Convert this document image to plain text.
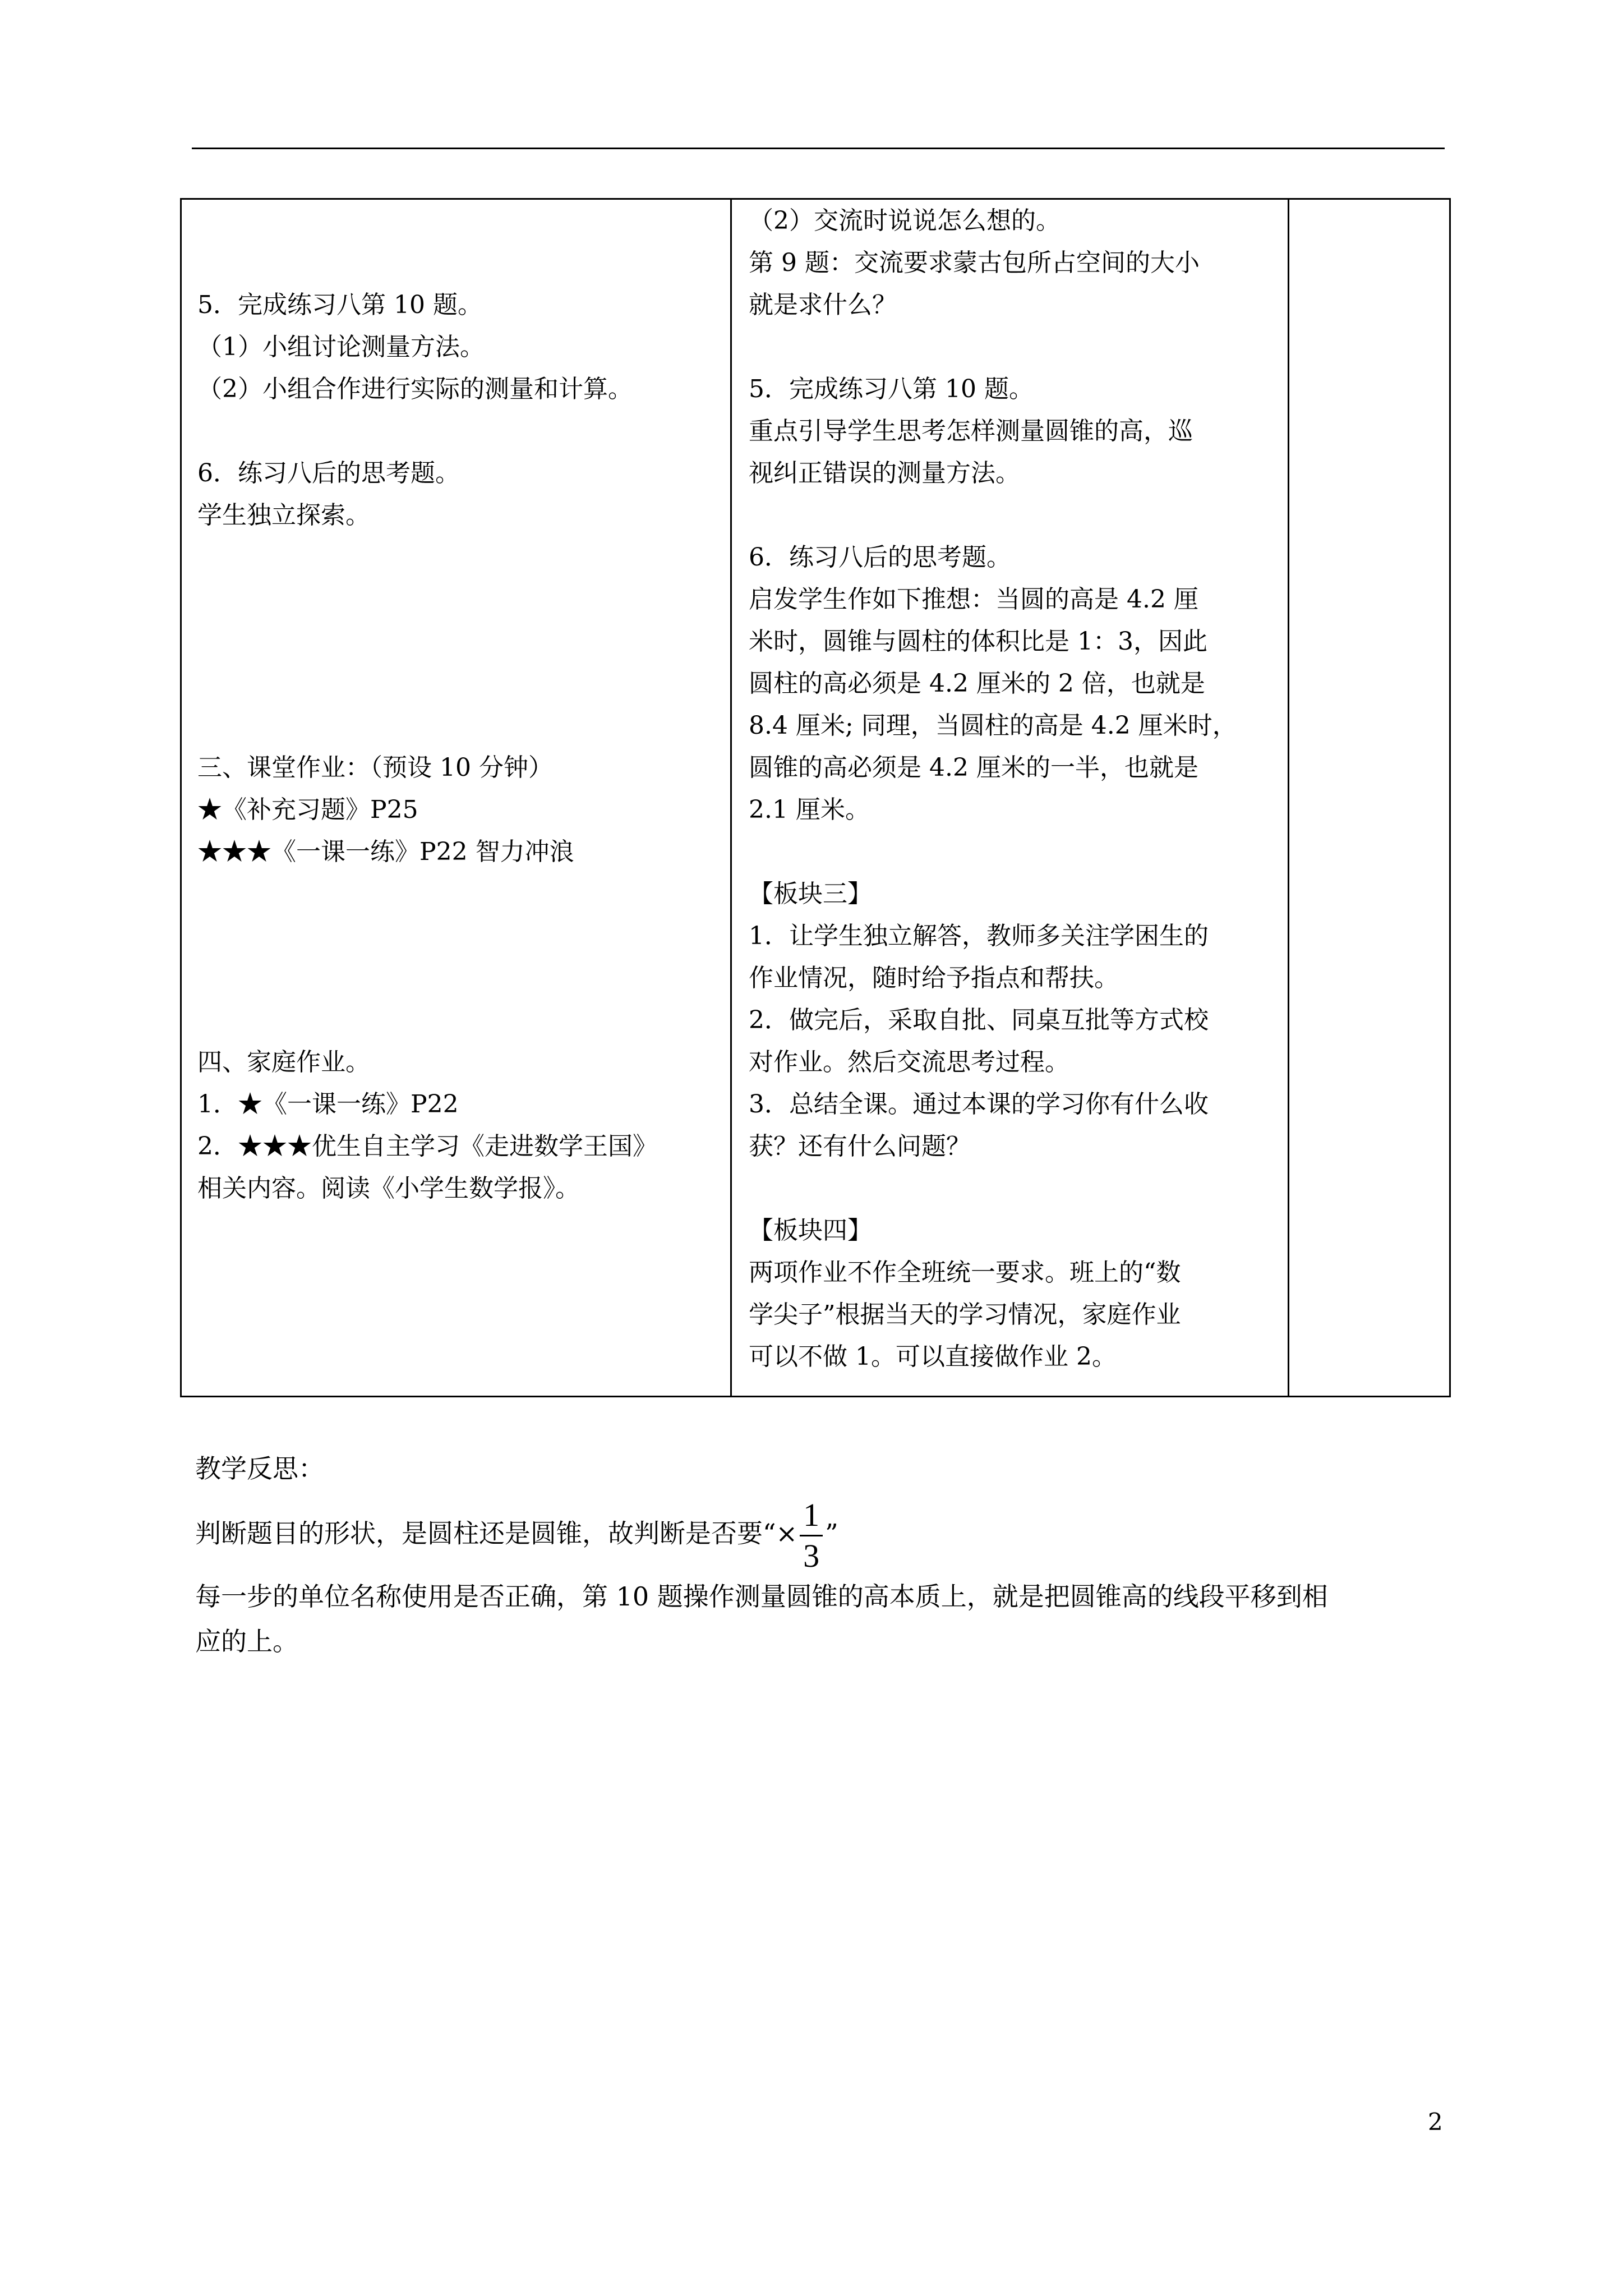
5．完成练习八第 10 题。
（1）小组讨论测量方法。
（2）小组合作进行实际的测量和计算。
6．练习八后的思考题。
学生独立探索。
三、课堂作业：（预设 10 分钟）
★《补充习题》P25
★★★《一课一练》P22 智力冲浪
四、家庭作业。
1．★《一课一练》P22
2．★★★优生自主学习《走进数学王国》
相关内容。阅读《小学生数学报》。
（2）交流时说说怎么想的。
第 9 题：交流要求蒙古包所占空间的大小
就是求什么？
5．完成练习八第 10 题。
重点引导学生思考怎样测量圆锥的高，巡
视纠正错误的测量方法。
6．练习八后的思考题。
启发学生作如下推想：当圆的高是 4.2 厘
米时，圆锥与圆柱的体积比是 1：3，因此
圆柱的高必须是 4.2 厘米的 2 倍，也就是
8.4 厘米; 同理，当圆柱的高是 4.2 厘米时，
圆锥的高必须是 4.2 厘米的一半，也就是
2.1 厘米。
【板块三】
1．让学生独立解答，教师多关注学困生的
作业情况，随时给予指点和帮扶。
2．做完后，采取自批、同桌互批等方式校
对作业。然后交流思考过程。
3．总结全课。通过本课的学习你有什么收
获？还有什么问题？
【板块四】
两项作业不作全班统一要求。班上的“数
学尖子”根据当天的学习情况，家庭作业
可以不做 1。可以直接做作业 2。
教学反思：
判断题目的形状，是圆柱还是圆锥，故判断是否要“× $\frac{1}{3}$ ”
每一步的单位名称使用是否正确，第 10 题操作测量圆锥的高本质上，就是把圆锥高的线段平移到相
应的上。
2
